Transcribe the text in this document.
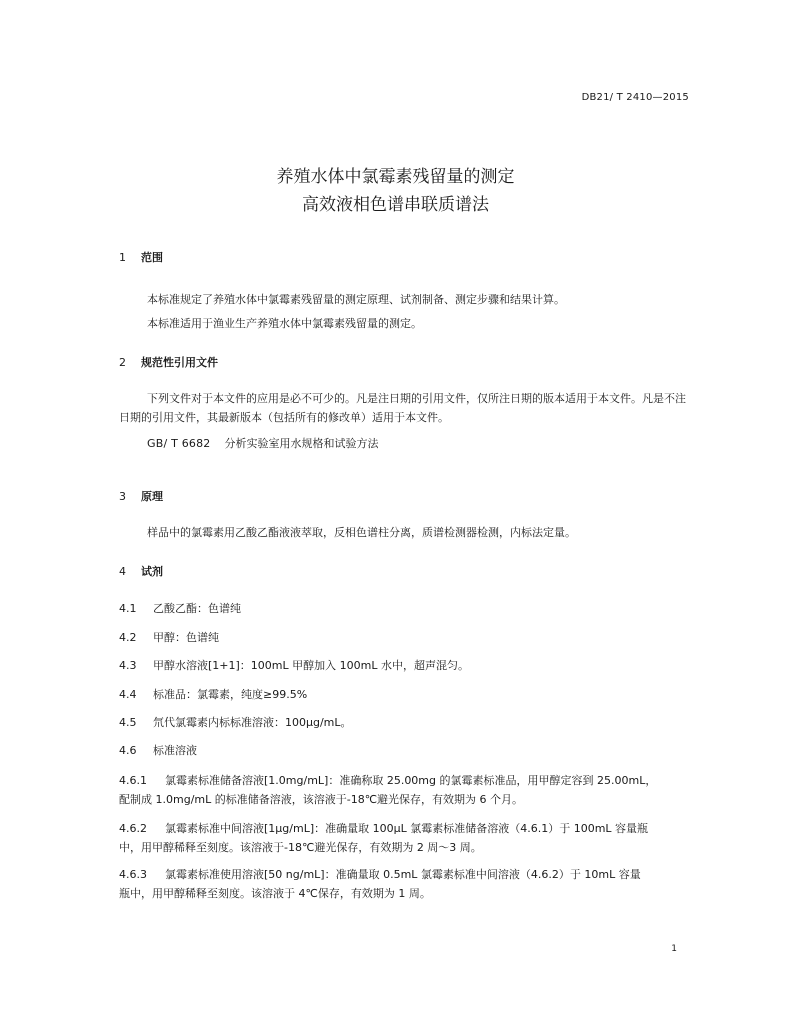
DB21/ T 2410—2015
养殖水体中氯霉素残留量的测定
高效液相色谱串联质谱法
1 范围
本标准规定了养殖水体中氯霉素残留量的测定原理、试剂制备、测定步骤和结果计算。
本标准适用于渔业生产养殖水体中氯霉素残留量的测定。
2 规范性引用文件
下列文件对于本文件的应用是必不可少的。凡是注日期的引用文件，仅所注日期的版本适用于本文件。凡是不注日期的引用文件，其最新版本（包括所有的修改单）适用于本文件。
GB/ T 6682 分析实验室用水规格和试验方法
3 原理
样品中的氯霉素用乙酸乙酯液液萃取，反相色谱柱分离，质谱检测器检测，内标法定量。
4 试剂
4.1 乙酸乙酯：色谱纯
4.2 甲醇：色谱纯
4.3 甲醇水溶液[1+1]：100mL 甲醇加入 100mL 水中，超声混匀。
4.4 标准品：氯霉素，纯度≥99.5%
4.5 氘代氯霉素内标标准溶液：100μg/mL。
4.6 标准溶液
4.6.1 氯霉素标准储备溶液[1.0mg/mL]：准确称取 25.00mg 的氯霉素标准品，用甲醇定容到 25.00mL，
配制成 1.0mg/mL 的标准储备溶液，该溶液于-18℃避光保存，有效期为 6 个月。
4.6.2 氯霉素标准中间溶液[1μg/mL]：准确量取 100μL 氯霉素标准储备溶液（4.6.1）于 100mL 容量瓶
中，用甲醇稀释至刻度。该溶液于-18℃避光保存，有效期为 2 周～3 周。
4.6.3 氯霉素标准使用溶液[50 ng/mL]：准确量取 0.5mL 氯霉素标准中间溶液（4.6.2）于 10mL 容量
瓶中，用甲醇稀释至刻度。该溶液于 4℃保存，有效期为 1 周。
1
